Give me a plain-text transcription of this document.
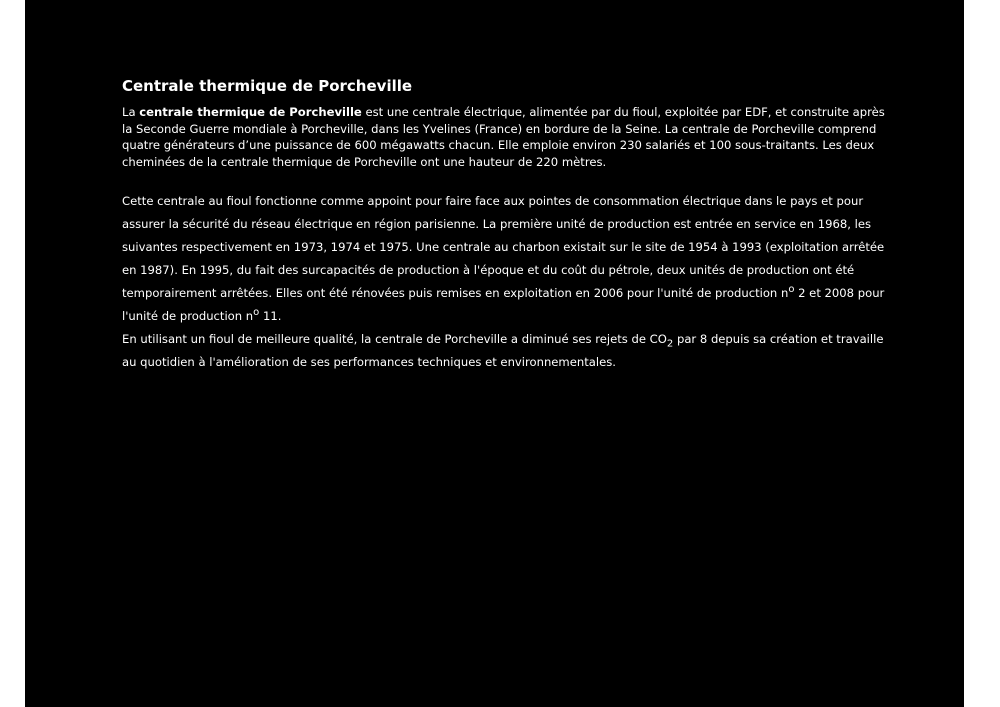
Centrale thermique de Porcheville

La centrale thermique de Porcheville est une centrale électrique, alimentée par du fioul, exploitée par EDF, et construite après la Seconde Guerre mondiale à Porcheville, dans les Yvelines (France) en bordure de la Seine. La centrale de Porcheville comprend quatre générateurs d’une puissance de 600 mégawatts chacun. Elle emploie environ 230 salariés et 100 sous-traitants. Les deux cheminées de la centrale thermique de Porcheville ont une hauteur de 220 mètres.

Cette centrale au fioul fonctionne comme appoint pour faire face aux pointes de consommation électrique dans le pays et pour assurer la sécurité du réseau électrique en région parisienne. La première unité de production est entrée en service en 1968, les suivantes respectivement en 1973, 1974 et 1975. Une centrale au charbon existait sur le site de 1954 à 1993 (exploitation arrêtée en 1987). En 1995, du fait des surcapacités de production à l'époque et du coût du pétrole, deux unités de production ont été temporairement arrêtées. Elles ont été rénovées puis remises en exploitation en 2006 pour l'unité de production $n^o$ 2 et 2008 pour l'unité de production $n^o$ 11.

En utilisant un fioul de meilleure qualité, la centrale de Porcheville a diminué ses rejets de $CO_2$ par 8 depuis sa création et travaille au quotidien à l'amélioration de ses performances techniques et environnementales.
